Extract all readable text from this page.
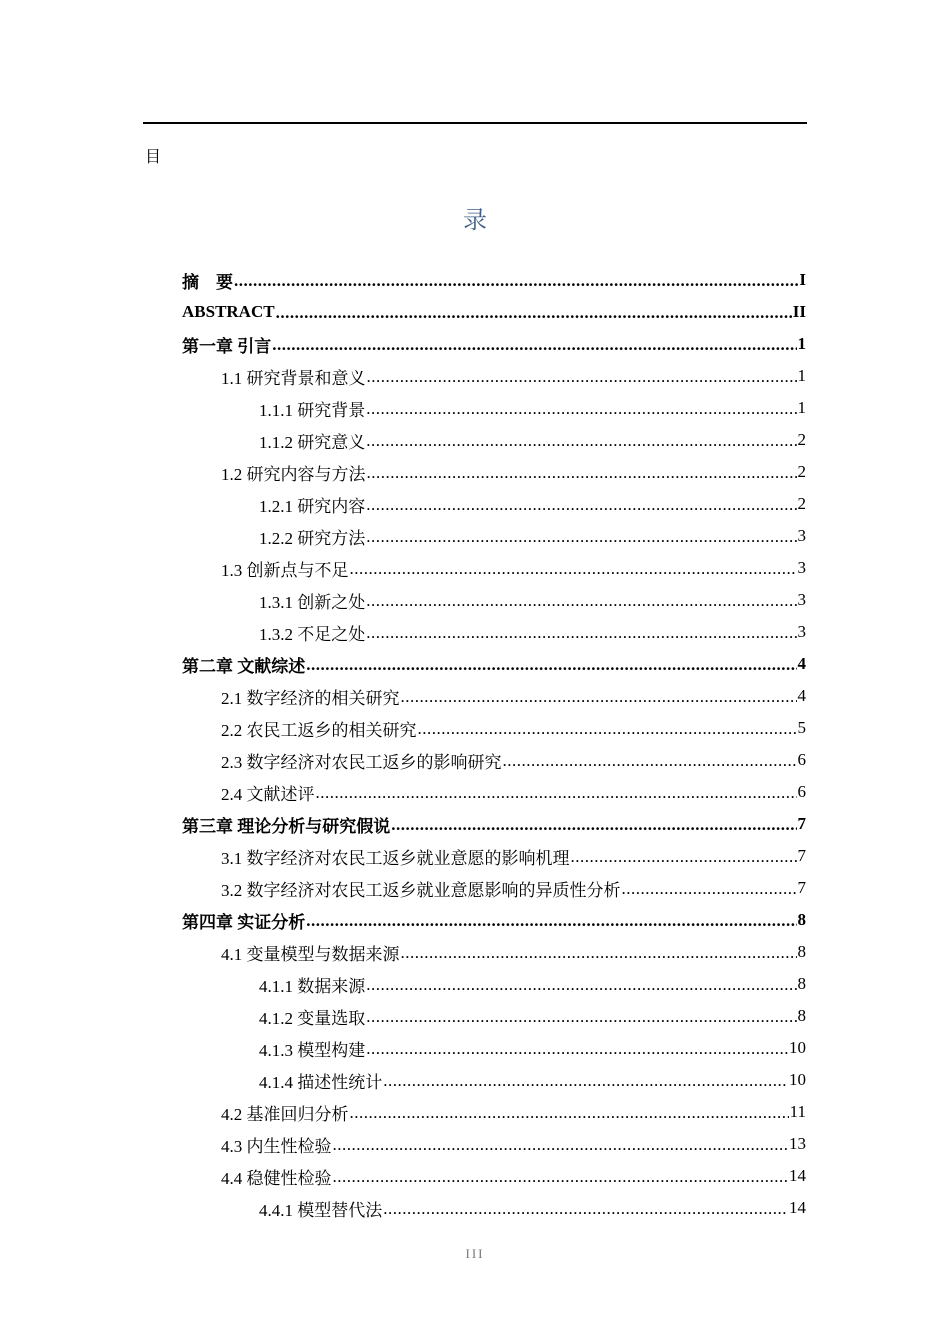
目
录
摘　要 .....	I
ABSTRACT .....	II
第一章 引言 .....	1
1.1 研究背景和意义 .....	1
1.1.1 研究背景 .....	1
1.1.2 研究意义 .....	2
1.2 研究内容与方法 .....	2
1.2.1 研究内容 .....	2
1.2.2 研究方法 .....	3
1.3 创新点与不足 .....	3
1.3.1 创新之处 .....	3
1.3.2 不足之处 .....	3
第二章 文献综述 .....	4
2.1 数字经济的相关研究 .....	4
2.2 农民工返乡的相关研究 .....	5
2.3 数字经济对农民工返乡的影响研究 .....	6
2.4 文献述评 .....	6
第三章 理论分析与研究假说 .....	7
3.1 数字经济对农民工返乡就业意愿的影响机理 .....	7
3.2 数字经济对农民工返乡就业意愿影响的异质性分析 .....	7
第四章 实证分析 .....	8
4.1 变量模型与数据来源 .....	8
4.1.1 数据来源 .....	8
4.1.2 变量选取 .....	8
4.1.3 模型构建 .....	10
4.1.4 描述性统计 .....	10
4.2 基准回归分析 .....	11
4.3 内生性检验 .....	13
4.4 稳健性检验 .....	14
4.4.1 模型替代法 .....	14
III
